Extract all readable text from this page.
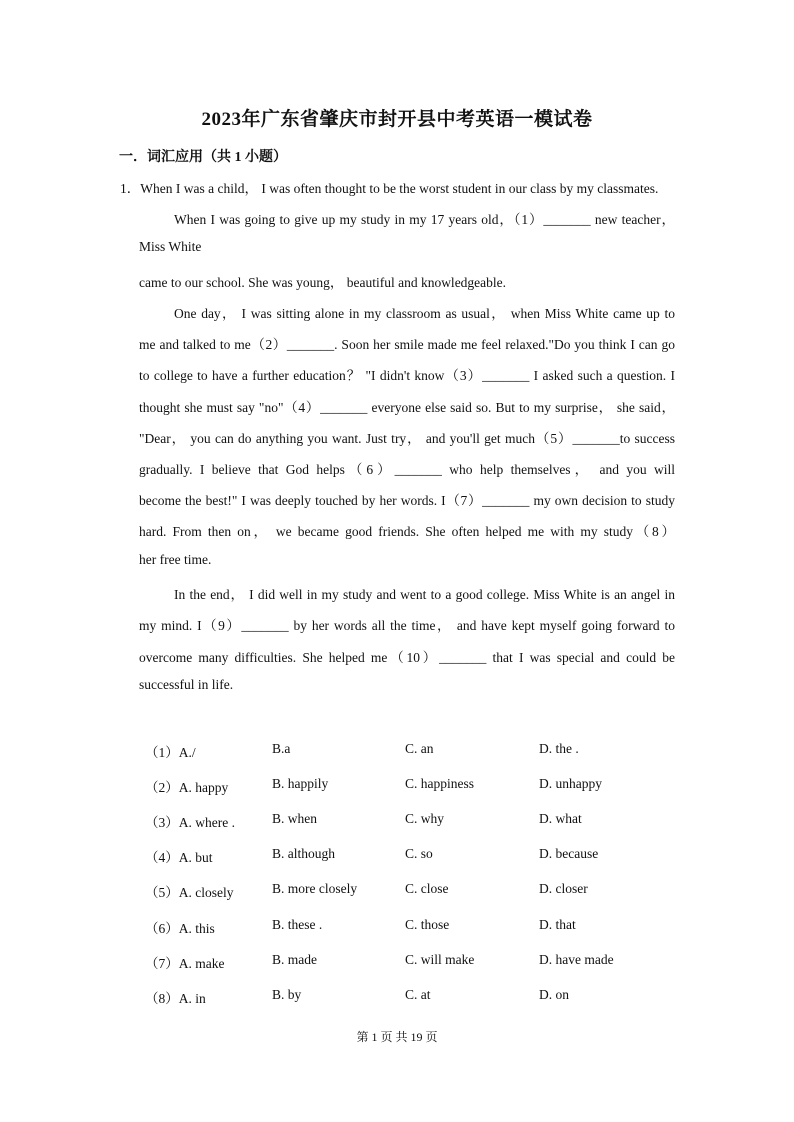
2023年广东省肇庆市封开县中考英语一模试卷
一．词汇应用（共 1 小题）
1．When I was a child， I was often thought to be the worst student in our class by my classmates.
When I was going to give up my study in my 17 years old，（1）_______ new teacher，
Miss White
came to our school. She was young， beautiful and knowledgeable.
One day， I was sitting alone in my classroom as usual， when Miss White came up to
me and talked to me（2）_______. Soon her smile made me feel relaxed."Do you think I can go
to college to have a further education？ "I didn't know（3）_______ I asked such a question. I
thought she must say "no"（4）_______ everyone else said so. But to my surprise， she said，
"Dear， you can do anything you want. Just try， and you'll get much（5）_______to success
gradually. I believe that God helps（6）_______ who help themselves， and you will
become the best!" I was deeply touched by her words. I（7）_______ my own decision to study
hard. From then on， we became good friends. She often helped me with my study（8）
her free time.
In the end， I did well in my study and went to a good college. Miss White is an angel in
my mind. I（9）_______ by her words all the time， and have kept myself going forward to
overcome many difficulties. She helped me（10）_______ that I was special and could be
successful in life.
（1）A./	B.a	C. an	D. the .
（2）A. happy	B. happily	C. happiness	D. unhappy
（3）A. where .	B. when	C. why	D. what
（4）A. but	B. although	C. so	D. because
（5）A. closely	B. more closely	C. close	D. closer
（6）A. this	B. these .	C. those	D. that
（7）A. make	B. made	C. will make	D. have made
（8）A. in	B. by	C. at	D. on
第 1 页 共 19 页
